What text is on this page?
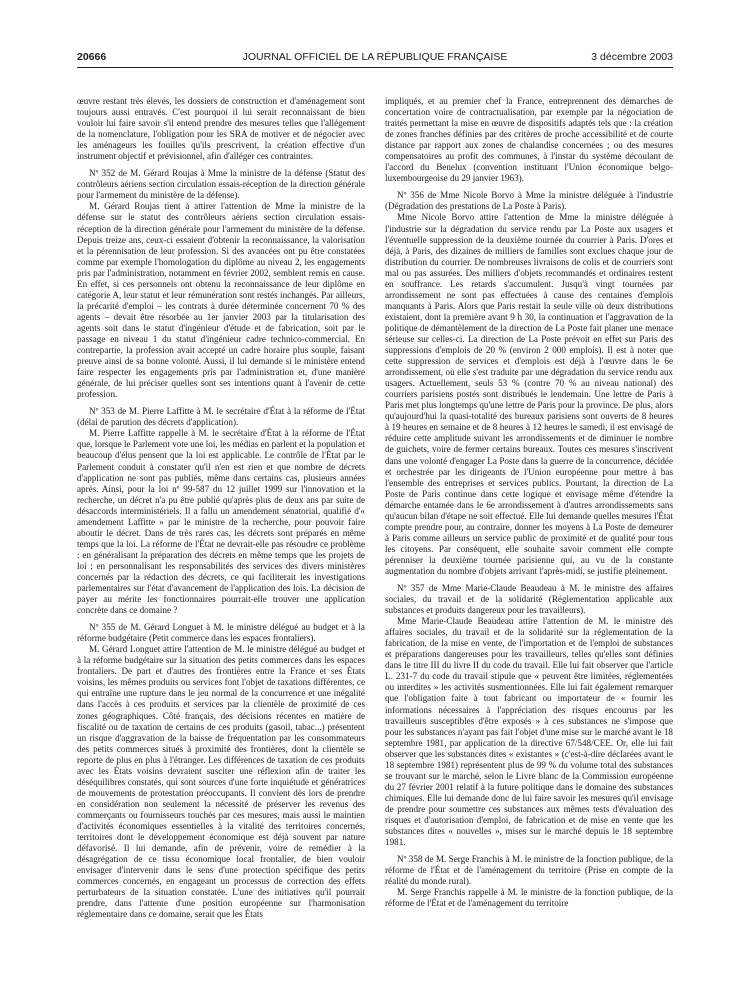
20666	JOURNAL OFFICIEL DE LA RÉPUBLIQUE FRANÇAISE	3 décembre 2003

œuvre restant très élevés, les dossiers de construction et d'aménagement sont toujours aussi entravés. C'est pourquoi il lui serait reconnaissant de bien vouloir lui faire savoir s'il entend prendre des mesures telles que l'allégement de la nomenclature, l'obligation pour les SRA de motiver et de négocier avec les aménageurs les fouilles qu'ils prescrivent, la création effective d'un instrument objectif et prévisionnel, afin d'alléger ces contraintes.

Nº 352 de M. Gérard Roujas à Mme la ministre de la défense (Statut des contrôleurs aériens section circulation essais-réception de la direction générale pour l'armement du ministère de la défense).

M. Gérard Roujas tient à attirer l'attention de Mme la ministre de la défense sur le statut des contrôleurs aériens section circulation essais-réception de la direction générale pour l'armement du ministère de la défense. Depuis treize ans, ceux-ci essaient d'obtenir la reconnaissance, la valorisation et la pérennisation de leur profession. Si des avancées ont pu être constatées comme par exemple l'homologation du diplôme au niveau 2, les engagements pris par l'administration, notamment en février 2002, semblent remis en cause. En effet, si ces personnels ont obtenu la reconnaissance de leur diplôme en catégorie A, leur statut et leur rémunération sont restés inchangés. Par ailleurs, la précarité d'emploi – les contrats à durée déterminée concernent 70 % des agents – devait être résorbée au 1er janvier 2003 par la titularisation des agents soit dans le statut d'ingénieur d'étude et de fabrication, soit par le passage en niveau 1 du statut d'ingénieur cadre technico-commercial. En contrepartie, la profession avait accepté un cadre horaire plus souple, faisant preuve ainsi de sa bonne volonté. Aussi, il lui demande si le ministère entend faire respecter les engagements pris par l'administration et, d'une manière générale, de lui préciser quelles sont ses intentions quant à l'avenir de cette profession.

Nº 353 de M. Pierre Laffitte à M. le secrétaire d'État à la réforme de l'État (délai de parution des décrets d'application).

M. Pierre Laffitte rappelle à M. le secrétaire d'État à la réforme de l'État que, lorsque le Parlement vote une loi, les médias en parlent et la population et beaucoup d'élus pensent que la loi est applicable. Le contrôle de l'État par le Parlement conduit à constater qu'il n'en est rien et que nombre de décrets d'application ne sont pas publiés, même dans certains cas, plusieurs années après. Ainsi, pour la loi nº 99-587 du 12 juillet 1999 sur l'innovation et la recherche, un décret n'a pu être publié qu'après plus de deux ans par suite de désaccords interministériels. Il a fallu un amendement sénatorial, qualifié d'« amendement Laffitte » par le ministre de la recherche, pour pouvoir faire aboutir le décret. Dans de très rares cas, les décrets sont préparés en même temps que la loi. La réforme de l'État ne devrait-elle pas résoudre ce problème : en généralisant la préparation des décrets en même temps que les projets de loi ; en personnalisant les responsabilités des services des divers ministères concernés par la rédaction des décrets, ce qui faciliterait les investigations parlementaires sur l'état d'avancement de l'application des lois. La décision de payer au mérite les fonctionnaires pourrait-elle trouver une application concrète dans ce domaine ?

Nº 355 de M. Gérard Longuet à M. le ministre délégué au budget et à la réforme budgétaire (Petit commerce dans les espaces frontaliers).

M. Gérard Longuet attire l'attention de M. le ministre délégué au budget et à la réforme budgétaire sur la situation des petits commerces dans les espaces frontaliers. De part et d'autres des frontières entre la France et ses États voisins, les mêmes produits ou services font l'objet de taxations différentes, ce qui entraîne une rupture dans le jeu normal de la concurrence et une inégalité dans l'accès à ces produits et services par la clientèle de proximité de ces zones géographiques. Côté français, des décisions récentes en matière de fiscalité ou de taxation de certains de ces produits (gasoil, tabac...) présentent un risque d'aggravation de la baisse de fréquentation par les consommateurs des petits commerces situés à proximité des frontières, dont la clientèle se reporte de plus en plus à l'étranger. Les différences de taxation de ces produits avec les États voisins devraient susciter une réflexion afin de traiter les déséquilibres constatés, qui sont sources d'une forte inquiétude et génératrices de mouvements de protestation préoccupants. Il convient dès lors de prendre en considération non seulement la nécessité de préserver les revenus des commerçants ou fournisseurs touchés par ces mesures, mais aussi le maintien d'activités économiques essentielles à la vitalité des territoires concernés, territoires dont le développement économique est déjà souvent par nature défavorisé. Il lui demande, afin de prévenir, voire de remédier à la désagrégation de ce tissu économique local frontalier, de bien vouloir envisager d'intervenir dans le sens d'une protection spécifique des petits commerces concernés, en engageant un processus de correction des effets perturbateurs de la situation constatée. L'une des initiatives qu'il pourrait prendre, dans l'attente d'une position européenne sur l'harmonisation réglementaire dans ce domaine, serait que les États

impliqués, et au premier chef la France, entreprennent des démarches de concertation voire de contractualisation, par exemple par la négociation de traités permettant la mise en œuvre de dispositifs adaptés tels que : la création de zones franches définies par des critères de proche accessibilité et de courte distance par rapport aux zones de chalandise concernées ; ou des mesures compensatoires au profit des communes, à l'instar du système découlant de l'accord du Benelux (convention instituant l'Union économique belgo-luxembourgeoise du 29 janvier 1963).

Nº 356 de Mme Nicole Borvo à Mme la ministre déléguée à l'industrie (Dégradation des prestations de La Poste à Paris).

Mme Nicole Borvo attire l'attention de Mme la ministre déléguée à l'industrie sur la dégradation du service rendu par La Poste aux usagers et l'éventuelle suppression de la deuxième tournée du courrier à Paris. D'ores et déjà, à Paris, des dizaines de milliers de familles sont exclues chaque jour de distribution du courrier. De nombreuses livraisons de colis et de courriers sont mal ou pas assurées. Des milliers d'objets recommandés et ordinaires restent en souffrance. Les retards s'accumulent. Jusqu'à vingt tournées par arrondissement ne sont pas effectuées à cause des centaines d'emplois manquants à Paris. Alors que Paris restait la seule ville où deux distributions existaient, dont la première avant 9 h 30, la continuation et l'aggravation de la politique de démantèlement de la direction de La Poste fait planer une menace sérieuse sur celles-ci. La direction de La Poste prévoit en effet sur Paris des suppressions d'emplois de 20 % (environ 2 000 emplois). Il est à noter que cette suppression de services et d'emplois est déjà à l'œuvre dans le 6e arrondissement, où elle s'est traduite par une dégradation du service rendu aux usagers. Actuellement, seuls 53 % (contre 70 % au niveau national) des courriers parisiens postés sont distribués le lendemain. Une lettre de Paris à Paris met plus longtemps qu'une lettre de Paris pour la province. De plus, alors qu'aujourd'hui la quasi-totalité des bureaux parisiens sont ouverts de 8 heures à 19 heures en semaine et de 8 heures à 12 heures le samedi, il est envisagé de réduire cette amplitude suivant les arrondissements et de diminuer le nombre de guichets, voire de fermer certains bureaux. Toutes ces mesures s'inscrivent dans une volonté d'engager La Poste dans la guerre de la concurrence, décidée et orchestrée par les dirigeants de l'Union européenne pour mettre à bas l'ensemble des entreprises et services publics. Pourtant, la direction de La Poste de Paris continue dans cette logique et envisage même d'étendre la démarche entamée dans le 6e arrondissement à d'autres arrondissements sans qu'aucun bilan d'étape ne soit effectué. Elle lui demande quelles mesures l'État compte prendre pour, au contraire, donner les moyens à La Poste de demeurer à Paris comme ailleurs un service public de proximité et de qualité pour tous les citoyens. Par conséquent, elle souhaite savoir comment elle compte pérenniser la deuxième tournée parisienne qui, au vu de la constante augmentation du nombre d'objets arrivant l'après-midi, se justifie pleinement.

Nº 357 de Mme Marie-Claude Beaudeau à M. le ministre des affaires sociales, du travail et de la solidarité (Réglementation applicable aux substances et produits dangereux pour les travailleurs).

Mme Marie-Claude Beaudeau attire l'attention de M. le ministre des affaires sociales, du travail et de la solidarité sur la réglementation de la fabrication, de la mise en vente, de l'importation et de l'emploi de substances et préparations dangereuses pour les travailleurs, telles qu'elles sont définies dans le titre III du livre II du code du travail. Elle lui fait observer que l'article L. 231-7 du code du travail stipule que « peuvent être limitées, réglementées ou interdites » les activités susmentionnées. Elle lui fait également remarquer que l'obligation faite à tout fabricant ou importateur de « fournir les informations nécessaires à l'appréciation des risques encourus par les travailleurs susceptibles d'être exposés » à ces substances ne s'impose que pour les substances n'ayant pas fait l'objet d'une mise sur le marché avant le 18 septembre 1981, par application de la directive 67/548/CEE. Or, elle lui fait observer que les substances dites « existantes » (c'est-à-dire déclarées avant le 18 septembre 1981) représentent plus de 99 % du volume total des substances se trouvant sur le marché, selon le Livre blanc de la Commission européenne du 27 février 2001 relatif à la future politique dans le domaine des substances chimiques. Elle lui demande donc de lui faire savoir les mesures qu'il envisage de prendre pour soumettre ces substances aux mêmes tests d'évaluation des risques et d'autorisation d'emploi, de fabrication et de mise en vente que les substances dites « nouvelles », mises sur le marché depuis le 18 septembre 1981.

Nº 358 de M. Serge Franchis à M. le ministre de la fonction publique, de la réforme de l'État et de l'aménagement du territoire (Prise en compte de la réalité du monde rural).

M. Serge Franchis rappelle à M. le ministre de la fonction publique, de la réforme de l'État et de l'aménagement du territoire
